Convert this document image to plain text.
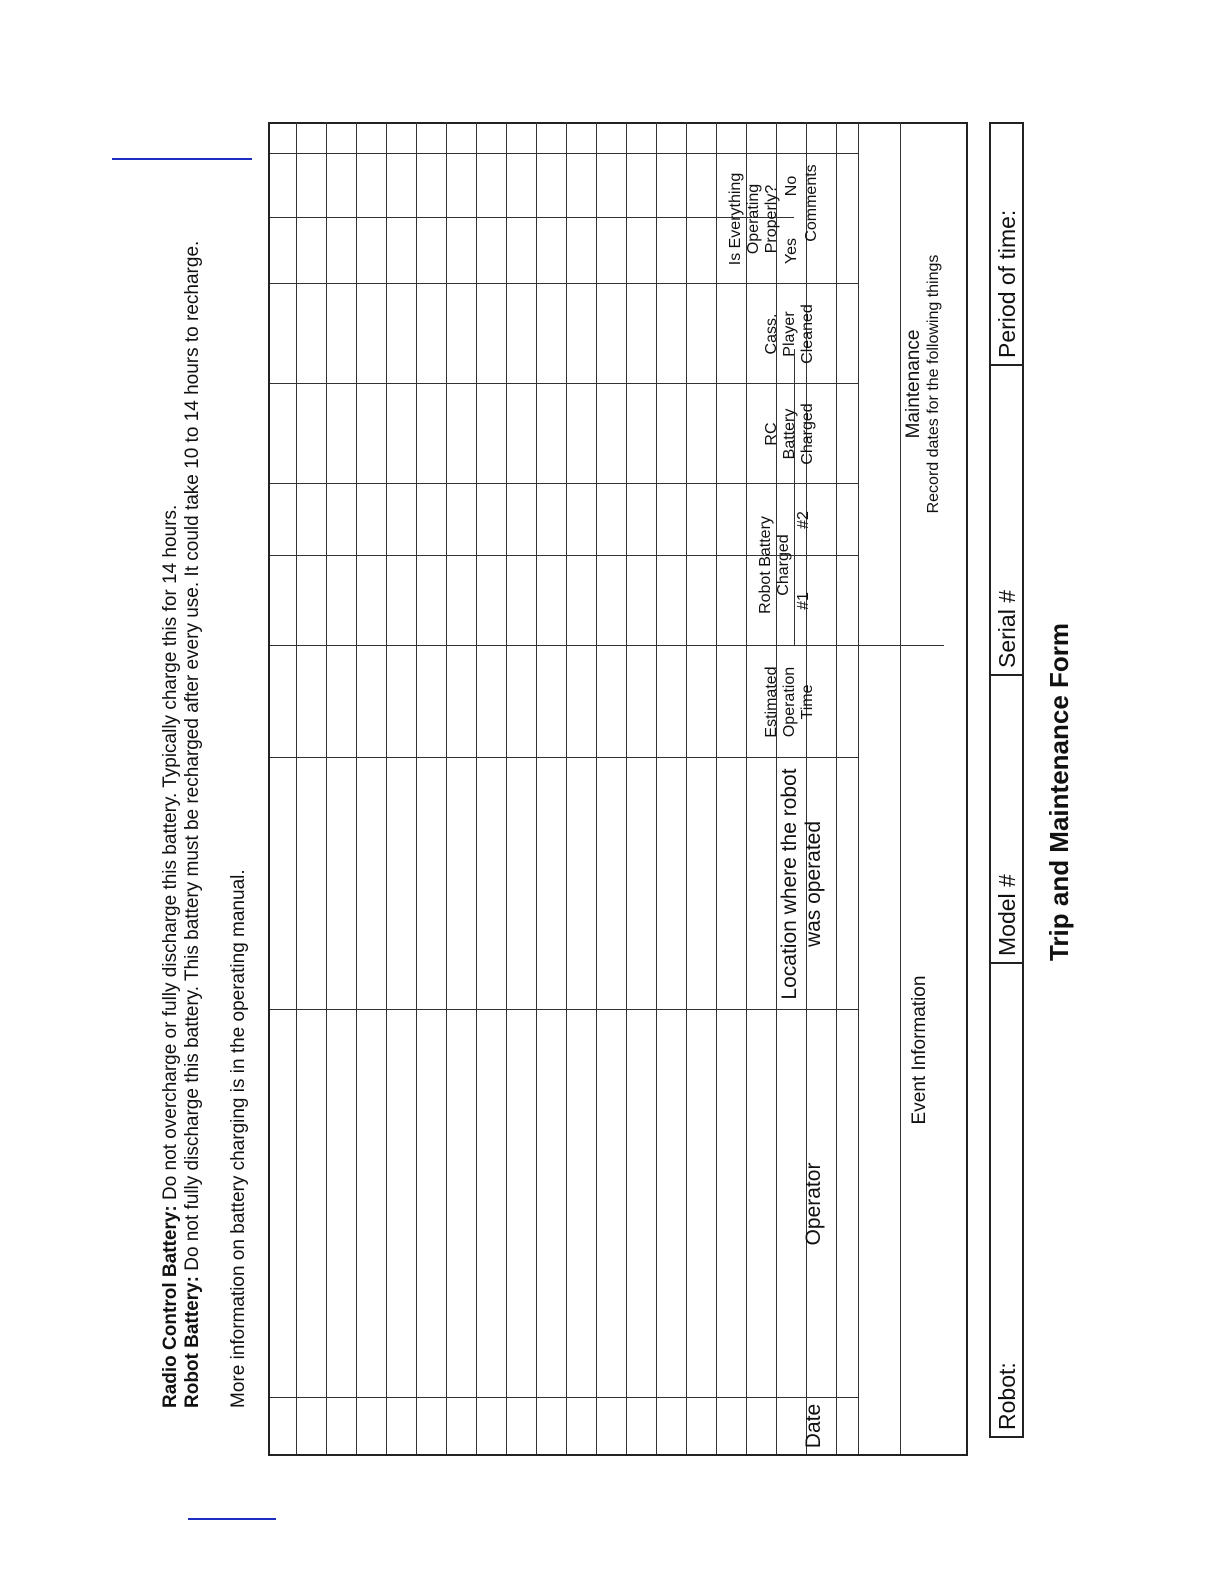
Trip and Maintenance Form
Robot:
Model #
Serial #
Period of time:
Event Information
Maintenance Record dates for the following things
Date
Operator
Location where the robot was operated
Estimated Operation Time
Robot Battery Charged
#1
#2
RC Battery Charged
Cass. Player Cleaned
Is Everything Operating Properly? Yes
No Comments
More information on battery charging is in the operating manual.
Robot Battery: Do not fully discharge this battery. This battery must be recharged after every use. It could take 10 to 14 hours to recharge.
Radio Control Battery: Do not overcharge or fully discharge this battery. Typically charge this for 14 hours.
